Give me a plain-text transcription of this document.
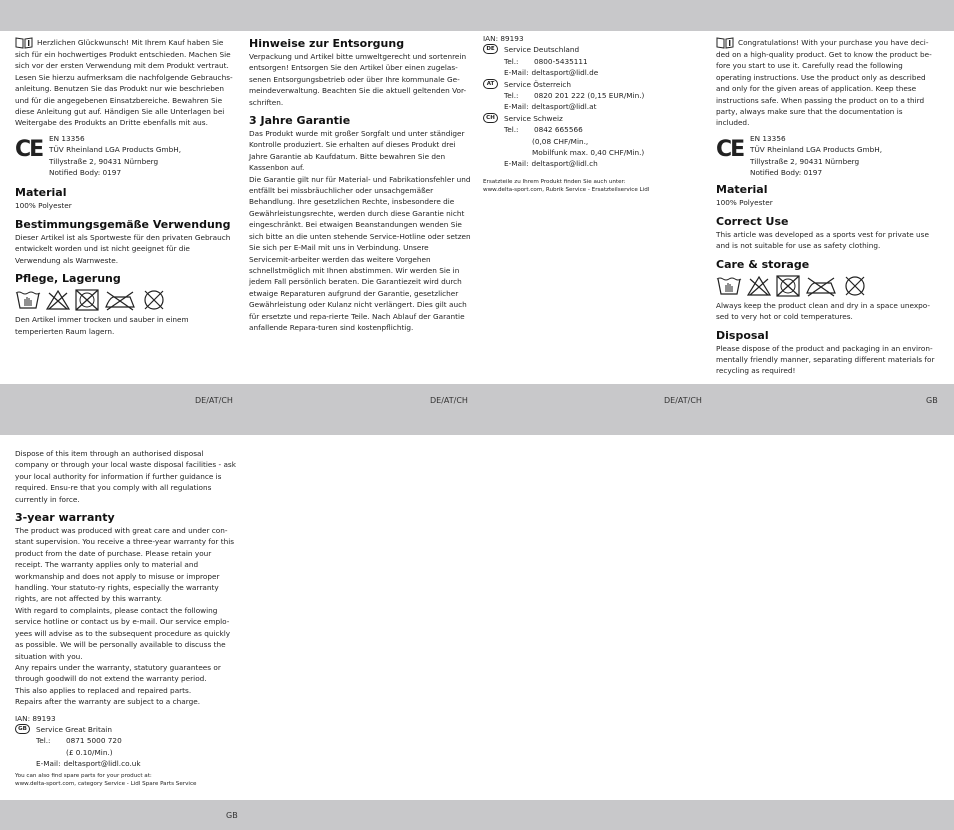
DE/AT/CH	DE/AT/CH	DE/AT/CH	GB
GB

Herzlichen Glückwunsch! Mit Ihrem Kauf haben Sie sich für ein hochwertiges Produkt entschieden. Machen Sie sich vor der ersten Verwendung mit dem Produkt vertraut. Lesen Sie hierzu aufmerksam die nachfolgende Gebrauchs-anleitung. Benutzen Sie das Produkt nur wie beschrieben und für die angegebenen Einsatzbereiche. Bewahren Sie diese Anleitung gut auf. Händigen Sie alle Unterlagen bei Weitergabe des Produkts an Dritte ebenfalls mit aus.

CE EN 13356

TÜV Rheinland LGA Products GmbH,

Tillystraße 2, 90431 Nürnberg

Notified Body: 0197

Material

100% Polyester

Bestimmungsgemäße Verwendung

Dieser Artikel ist als Sportweste für den privaten Gebrauch entwickelt worden und ist nicht geeignet für die Verwendung als Warnweste.

Pflege, Lagerung

Den Artikel immer trocken und sauber in einem temperierten Raum lagern.

Hinweise zur Entsorgung

Verpackung und Artikel bitte umweltgerecht und sortenrein entsorgen! Entsorgen Sie den Artikel über einen zugelas-senen Entsorgungsbetrieb oder über Ihre kommunale Ge-meindeverwaltung. Beachten Sie die aktuell geltenden Vor-schriften.

3 Jahre Garantie

Das Produkt wurde mit großer Sorgfalt und unter ständiger Kontrolle produziert. Sie erhalten auf dieses Produkt drei Jahre Garantie ab Kaufdatum. Bitte bewahren Sie den Kassenbon auf.

Die Garantie gilt nur für Material- und Fabrikationsfehler und entfällt bei missbräuchlicher oder unsachgemäßer Behandlung. Ihre gesetzlichen Rechte, insbesondere die Gewährleistungsrechte, werden durch diese Garantie nicht eingeschränkt. Bei etwaigen Beanstandungen wenden Sie sich bitte an die unten stehende Service-Hotline oder setzen Sie sich per E-Mail mit uns in Verbindung. Unsere Servicemit-arbeiter werden das weitere Vorgehen schnellstmöglich mit Ihnen abstimmen. Wir werden Sie in jedem Fall persönlich beraten. Die Garantiezeit wird durch etwaige Reparaturen aufgrund der Garantie, gesetzlicher Gewährleistung oder Kulanz nicht verlängert. Dies gilt auch für ersetzte und repa-rierte Teile. Nach Ablauf der Garantie anfallende Repara-turen sind kostenpflichtig.

IAN: 89193

DE	Service Deutschland
Tel.:	0800-5435111
E-Mail: deltasport@lidl.de
AT	Service Österreich
Tel.:	0820 201 222 (0,15 EUR/Min.)
E-Mail: deltasport@lidl.at
CH	Service Schweiz
Tel.:	0842 665566
(0,08 CHF/Min.,
Mobilfunk max. 0,40 CHF/Min.)
E-Mail: deltasport@lidl.ch

Ersatzteile zu Ihrem Produkt finden Sie auch unter:

www.delta-sport.com, Rubrik Service - Ersatzteilservice Lidl

Congratulations! With your purchase you have deci-ded on a high-quality product. Get to know the product be-fore you start to use it. Carefully read the following operating instructions. Use the product only as described and only for the given areas of application. Keep these instructions safe. When passing the product on to a third party, always make sure that the documentation is included.

CE EN 13356

TÜV Rheinland LGA Products GmbH,

Tillystraße 2, 90431 Nürnberg

Notified Body: 0197

Material

100% Polyester

Correct Use

This article was developed as a sports vest for private use and is not suitable for use as safety clothing.

Care & storage

Always keep the product clean and dry in a space unexpo-sed to very hot or cold temperatures.

Disposal

Please dispose of the product and packaging in an environ-mentally friendly manner, separating different materials for recycling as required!

Dispose of this item through an authorised disposal company or through your local waste disposal facilities - ask your local authority for information if further guidance is required. Ensu-re that you comply with all regulations currently in force.

3-year warranty

The product was produced with great care and under con-stant supervision. You receive a three-year warranty for this product from the date of purchase. Please retain your receipt. The warranty applies only to material and workmanship and does not apply to misuse or improper handling. Your statuto-ry rights, especially the warranty rights, are not affected by this warranty.

With regard to complaints, please contact the following service hotline or contact us by e-mail. Our service emplo-yees will advise as to the subsequent procedure as quickly as possible. We will be personally available to discuss the situation with you.

Any repairs under the warranty, statutory guarantees or through goodwill do not extend the warranty period.

This also applies to replaced and repaired parts.

Repairs after the warranty are subject to a charge.

IAN: 89193

GB	Service Great Britain
Tel.:	0871 5000 720
(£ 0.10/Min.)
E-Mail: deltasport@lidl.co.uk

You can also find spare parts for your product at:

www.delta-sport.com, category Service - Lidl Spare Parts Service
